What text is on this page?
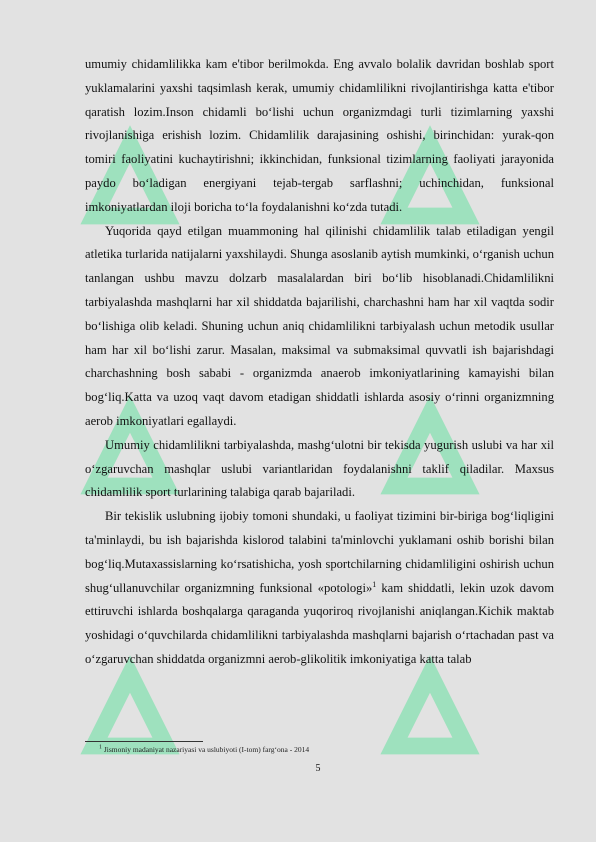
umumiy chidamlilikka kam e'tibor berilmokda. Eng avvalo bolalik davridan boshlab sport yuklamalarini yaxshi taqsimlash kerak, umumiy chidamlilikni rivojlantirishga katta e'tibor qaratish lozim.Inson chidamli bo‘lishi uchun organizmdagi turli tizimlarning yaxshi rivojlanishiga erishish lozim. Chidamlilik darajasining oshishi, birinchidan: yurak-qon tomiri faoliyatini kuchaytirishni; ikkinchidan, funksional tizimlarning faoliyati jarayonida paydo bo‘ladigan energiyani tejab-tergab sarflashni; uchinchidan, funksional imkoniyatlardan iloji boricha to‘la foydalanishni ko‘zda tutadi.

Yuqorida qayd etilgan muammoning hal qilinishi chidamlilik talab etiladigan yengil atletika turlarida natijalarni yaxshilaydi. Shunga asoslanib aytish mumkinki, o‘rganish uchun tanlangan ushbu mavzu dolzarb masalalardan biri bo‘lib hisoblanadi.Chidamlilikni tarbiyalashda mashqlarni har xil shiddatda bajarilishi, charchashni ham har xil vaqtda sodir bo‘lishiga olib keladi. Shuning uchun aniq chidamlilikni tarbiyalash uchun metodik usullar ham har xil bo‘lishi zarur. Masalan, maksimal va submaksimal quvvatli ish bajarishdagi charchashning bosh sababi - organizmda anaerob imkoniyatlarining kamayishi bilan bog‘liq.Katta va uzoq vaqt davom etadigan shiddatli ishlarda asosiy o‘rinni organizmning aerob imkoniyatlari egallaydi.

Umumiy chidamlilikni tarbiyalashda, mashg‘ulotni bir tekisda yugurish uslubi va har xil o‘zgaruvchan mashqlar uslubi variantlaridan foydalanishni taklif qiladilar. Maxsus chidamlilik sport turlarining talabiga qarab bajariladi.

Bir tekislik uslubning ijobiy tomoni shundaki, u faoliyat tizimini bir-biriga bog‘liqligini ta'minlaydi, bu ish bajarishda kislorod talabini ta'minlovchi yuklamani oshib borishi bilan bog‘liq.Mutaxassislarning ko‘rsatishicha, yosh sportchilarning chidamliligini oshirish uchun shug‘ullanuvchilar organizmning funksional «potologi»$^1$ kam shiddatli, lekin uzok davom ettiruvchi ishlarda boshqalarga qaraganda yuqoriroq rivojlanishi aniqlangan.Kichik maktab yoshidagi o‘quvchilarda chidamlilikni tarbiyalashda mashqlarni bajarish o‘rtachadan past va o‘zgaruvchan shiddatda organizmni aerob-glikolitik imkoniyatiga katta talab

$^1$ Jismoniy madaniyat nazariyasi va uslubiyoti (I-tom) farg‘ona - 2014
5
